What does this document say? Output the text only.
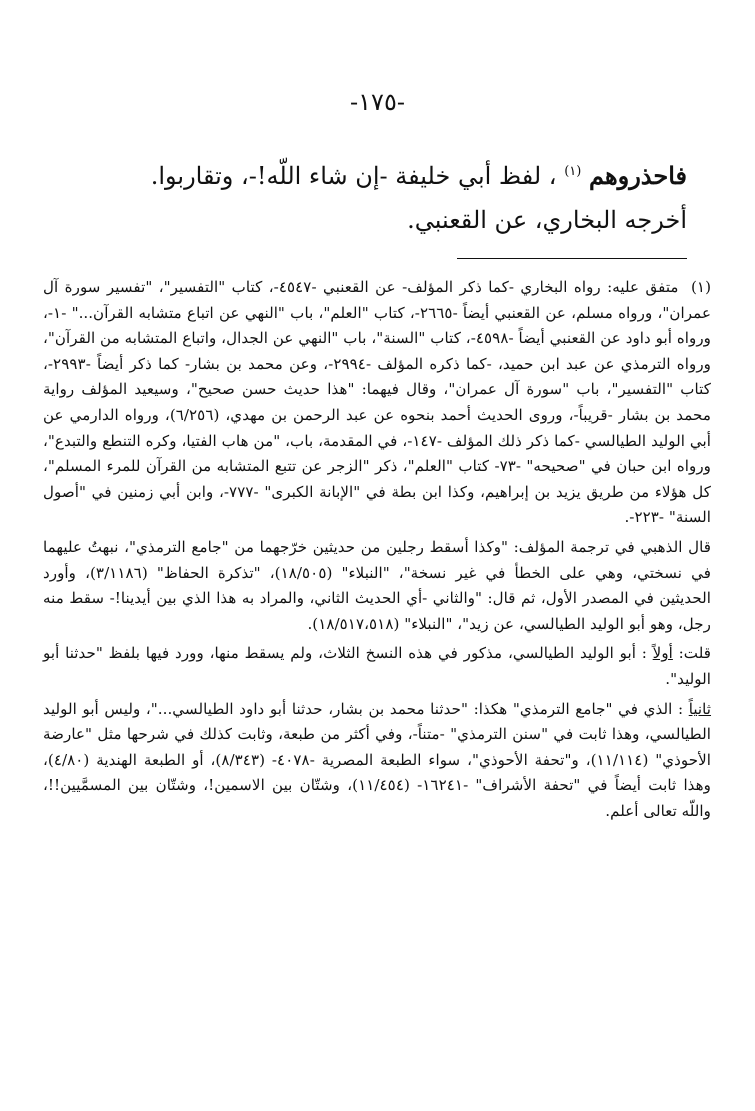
-١٧٥-

فاحذروهم $^{(١)}$ ، لفظ أبي خليفة -إن شاء اللّه!-، وتقاربوا.

أخرجه البخاري، عن القعنبي.

(١) متفق عليه: رواه البخاري -كما ذكر المؤلف- عن القعنبي -٤٥٤٧-، كتاب "التفسير"، "تفسير سورة آل عمران"، ورواه مسلم، عن القعنبي أيضاً -٢٦٦٥-، كتاب "العلم"، باب "النهي عن اتباع متشابه القرآن..." -١-، ورواه أبو داود عن القعنبي أيضاً -٤٥٩٨-، كتاب "السنة"، باب "النهي عن الجدال، واتباع المتشابه من القرآن"، ورواه الترمذي عن عبد ابن حميد، -كما ذكره المؤلف -٢٩٩٤-، وعن محمد بن بشار- كما ذكر أيضاً -٢٩٩٣-، كتاب "التفسير"، باب "سورة آل عمران"، وقال فيهما: "هذا حديث حسن صحيح"، وسيعيد المؤلف رواية محمد بن بشار -قريباً-، وروى الحديث أحمد بنحوه عن عبد الرحمن بن مهدي، (٦/٢٥٦)، ورواه الدارمي عن أبي الوليد الطيالسي -كما ذكر ذلك المؤلف -١٤٧-، في المقدمة، باب، "من هاب الفتيا، وكره التنطع والتبدع"، ورواه ابن حبان في "صحيحه" -٧٣- كتاب "العلم"، ذكر "الزجر عن تتبع المتشابه من القرآن للمرء المسلم"، كل هؤلاء من طريق يزيد بن إبراهيم، وكذا ابن بطة في "الإبانة الكبرى" -٧٧٧-، وابن أبي زمنين في "أصول السنة" -٢٢٣-.

قال الذهبي في ترجمة المؤلف: "وكذا أسقط رجلين من حديثين خرّجهما من "جامع الترمذي"، نبهتُ عليهما في نسختي، وهي على الخطأ في غير نسخة"، "النبلاء" (١٨/٥٠٥)، "تذكرة الحفاظ" (٣/١١٨٦)، وأورد الحديثين في المصدر الأول، ثم قال: "والثاني -أي الحديث الثاني، والمراد به هذا الذي بين أيدينا!- سقط منه رجل، وهو أبو الوليد الطيالسي، عن زيد"، "النبلاء" (١٨/٥١٧،٥١٨).

قلت: أولاً : أبو الوليد الطيالسي، مذكور في هذه النسخ الثلاث، ولم يسقط منها، وورد فيها بلفظ "حدثنا أبو الوليد".

ثانياً : الذي في "جامع الترمذي" هكذا: "حدثنا محمد بن بشار، حدثنا أبو داود الطيالسي..."، وليس أبو الوليد الطيالسي، وهذا ثابت في "سنن الترمذي" -متناً-، وفي أكثر من طبعة، وثابت كذلك في شرحها مثل "عارضة الأحوذي" (١١/١١٤)، و"تحفة الأحوذي"، سواء الطبعة المصرية -٤٠٧٨- (٨/٣٤٣)، أو الطبعة الهندية (٤/٨٠)، وهذا ثابت أيضاً في "تحفة الأشراف" -١٦٢٤١- (١١/٤٥٤)، وشتّان بين الاسمين!، وشتّان بين المسمَّيين!!، واللّه تعالى أعلم.
